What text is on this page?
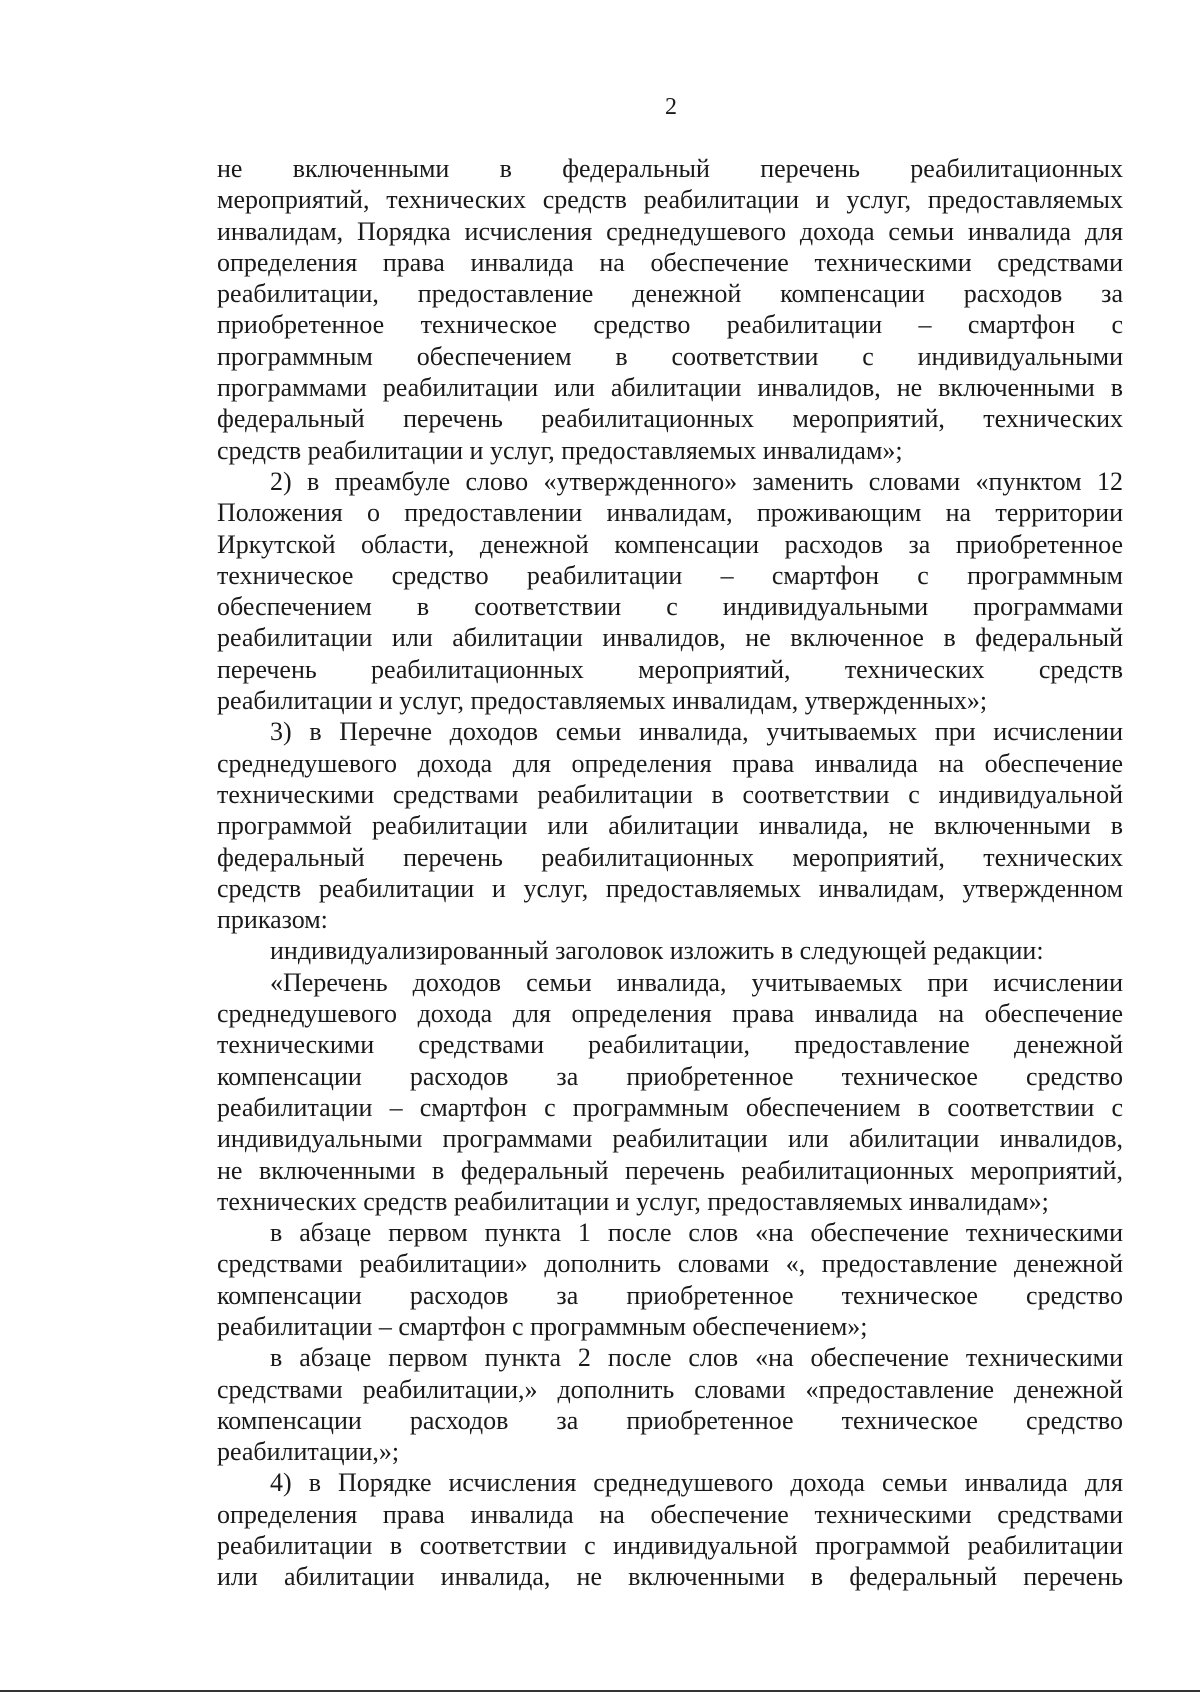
2
не включенными в федеральный перечень реабилитационных
мероприятий, технических средств реабилитации и услуг, предоставляемых
инвалидам, Порядка исчисления среднедушевого дохода семьи инвалида для
определения права инвалида на обеспечение техническими средствами
реабилитации, предоставление денежной компенсации расходов за
приобретенное техническое средство реабилитации – смартфон с
программным обеспечением в соответствии с индивидуальными
программами реабилитации или абилитации инвалидов, не включенными в
федеральный перечень реабилитационных мероприятий, технических
средств реабилитации и услуг, предоставляемых инвалидам»;
2) в преамбуле слово «утвержденного» заменить словами «пунктом 12
Положения о предоставлении инвалидам, проживающим на территории
Иркутской области, денежной компенсации расходов за приобретенное
техническое средство реабилитации – смартфон с программным
обеспечением в соответствии с индивидуальными программами
реабилитации или абилитации инвалидов, не включенное в федеральный
перечень реабилитационных мероприятий, технических средств
реабилитации и услуг, предоставляемых инвалидам, утвержденных»;
3) в Перечне доходов семьи инвалида, учитываемых при исчислении
среднедушевого дохода для определения права инвалида на обеспечение
техническими средствами реабилитации в соответствии с индивидуальной
программой реабилитации или абилитации инвалида, не включенными в
федеральный перечень реабилитационных мероприятий, технических
средств реабилитации и услуг, предоставляемых инвалидам, утвержденном
приказом:
индивидуализированный заголовок изложить в следующей редакции:
«Перечень доходов семьи инвалида, учитываемых при исчислении
среднедушевого дохода для определения права инвалида на обеспечение
техническими средствами реабилитации, предоставление денежной
компенсации расходов за приобретенное техническое средство
реабилитации – смартфон с программным обеспечением в соответствии с
индивидуальными программами реабилитации или абилитации инвалидов,
не включенными в федеральный перечень реабилитационных мероприятий,
технических средств реабилитации и услуг, предоставляемых инвалидам»;
в абзаце первом пункта 1 после слов «на обеспечение техническими
средствами реабилитации» дополнить словами «, предоставление денежной
компенсации расходов за приобретенное техническое средство
реабилитации – смартфон с программным обеспечением»;
в абзаце первом пункта 2 после слов «на обеспечение техническими
средствами реабилитации,» дополнить словами «предоставление денежной
компенсации расходов за приобретенное техническое средство
реабилитации,»;
4) в Порядке исчисления среднедушевого дохода семьи инвалида для
определения права инвалида на обеспечение техническими средствами
реабилитации в соответствии с индивидуальной программой реабилитации
или абилитации инвалида, не включенными в федеральный перечень
